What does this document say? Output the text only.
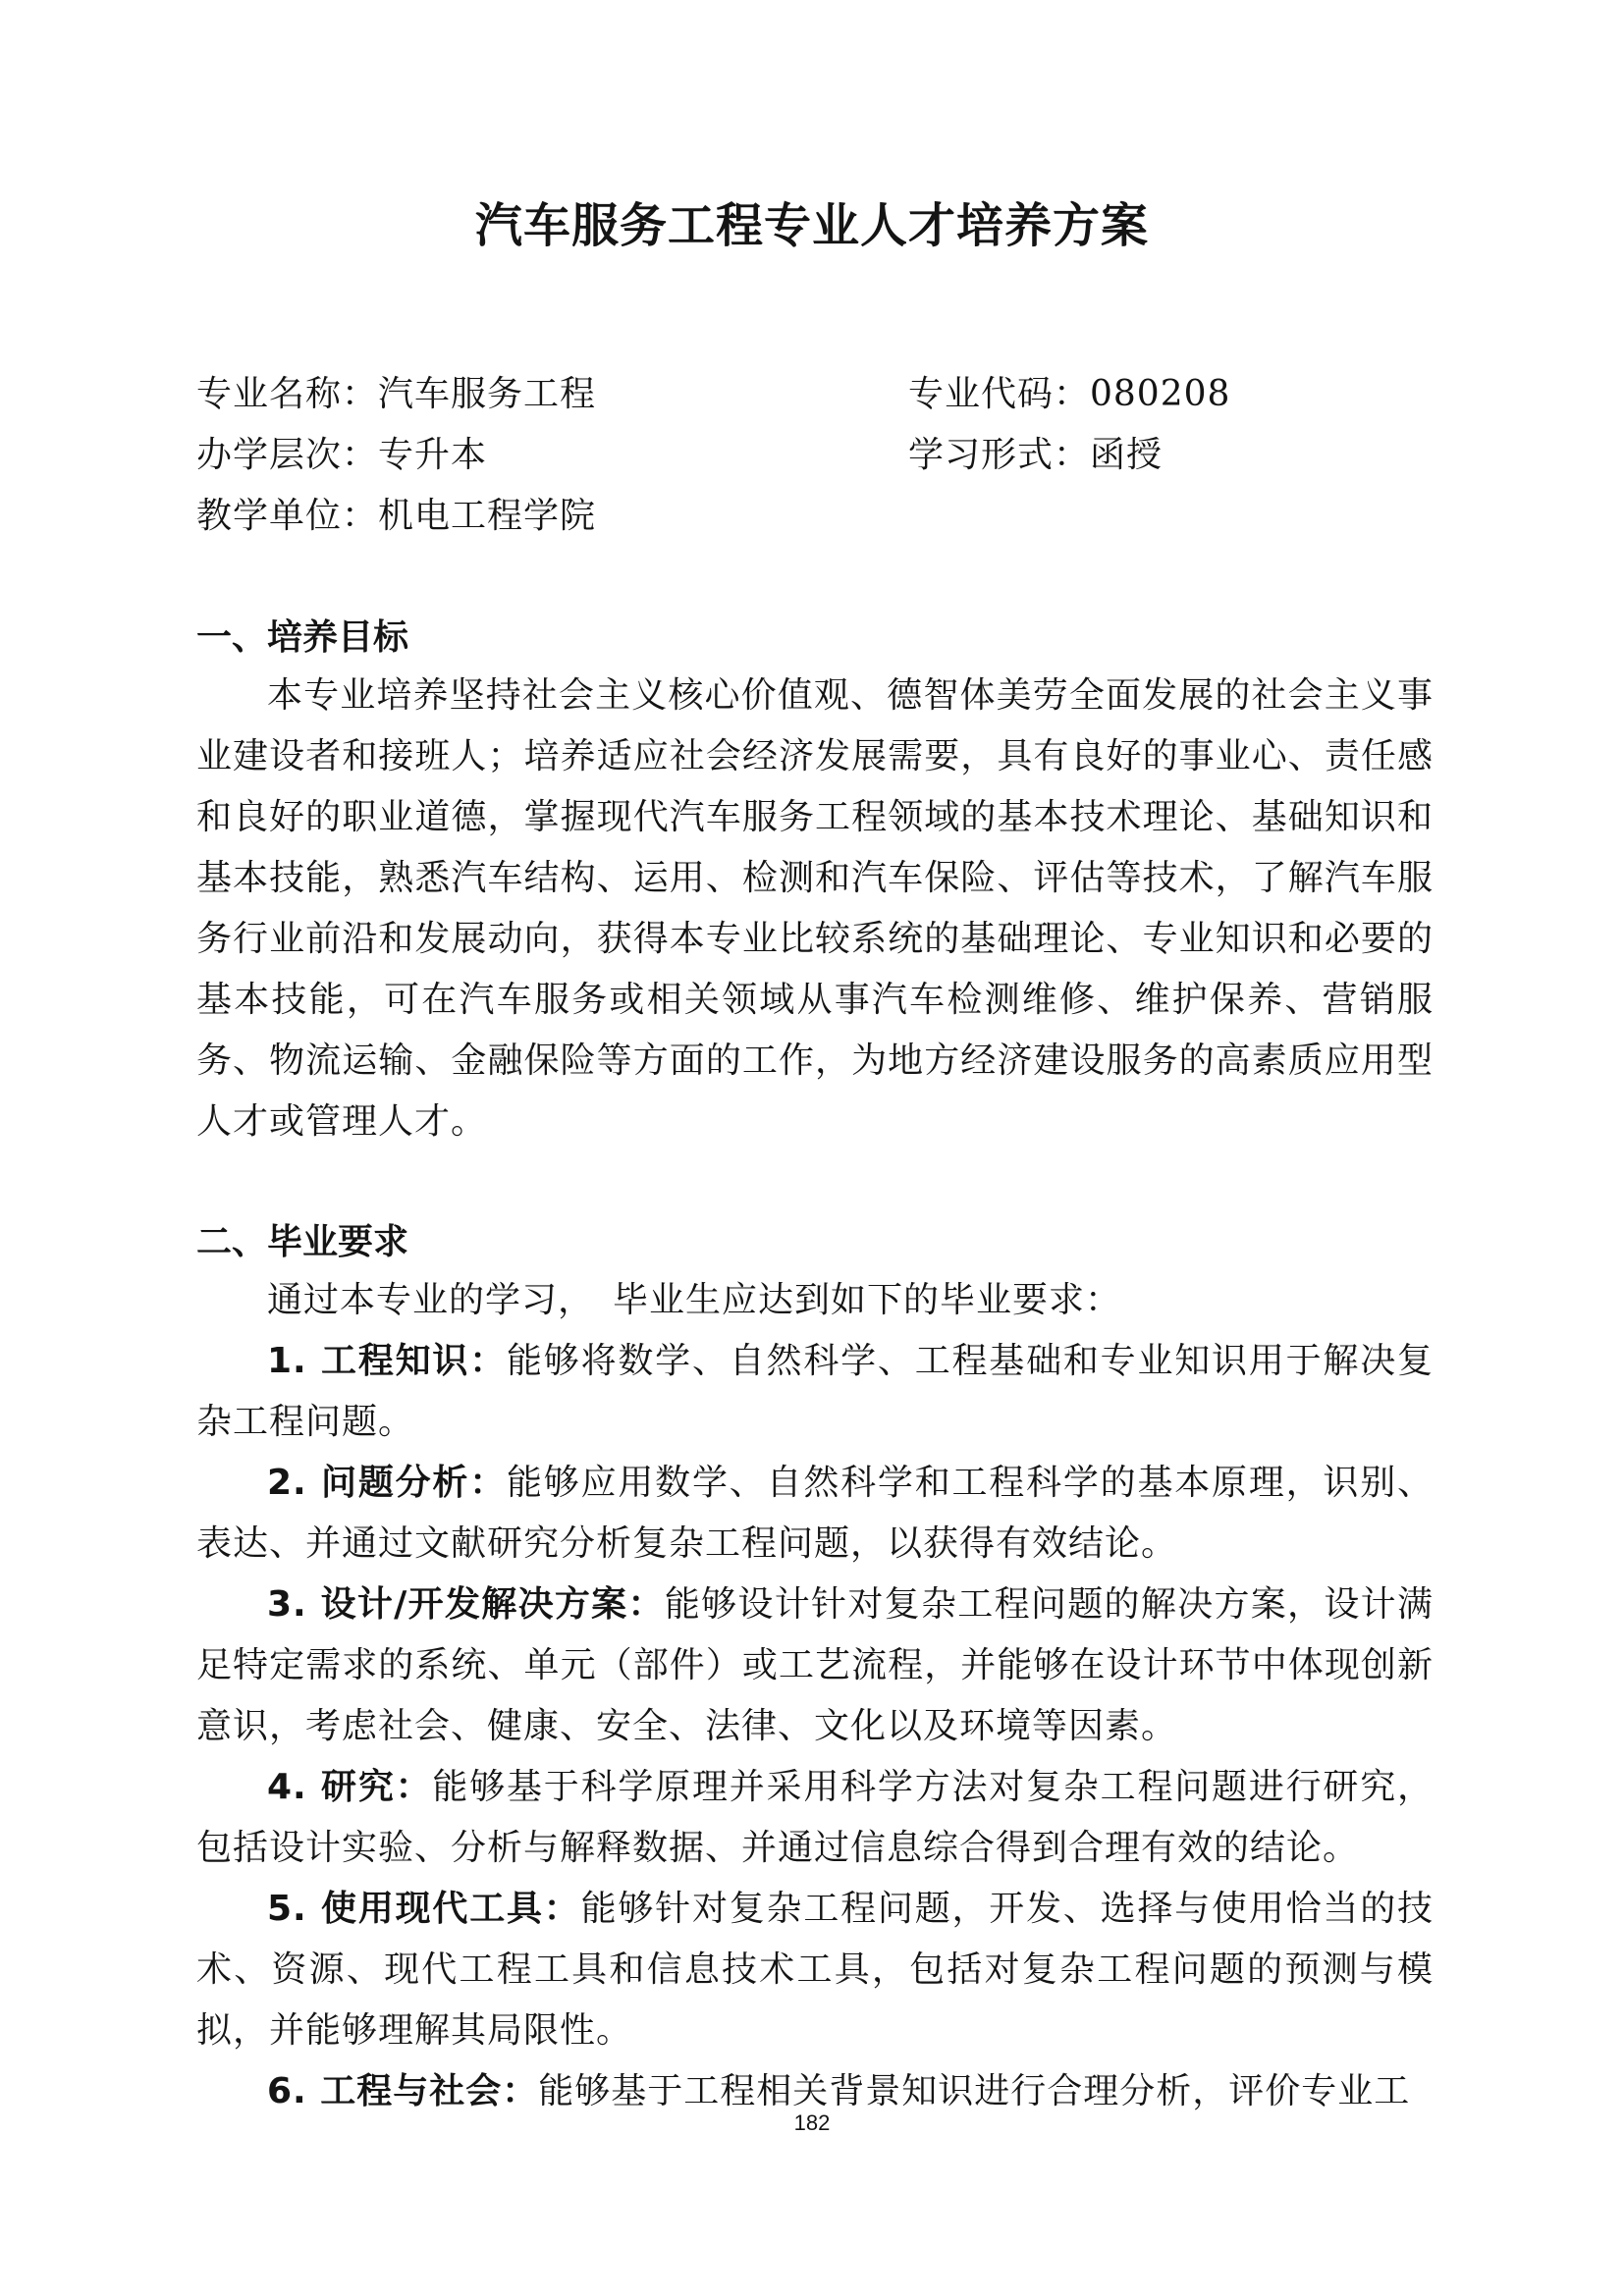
汽车服务工程专业人才培养方案
专业名称：汽车服务工程	专业代码：080208
办学层次：专升本	学习形式：函授
教学单位：机电工程学院
一、培养目标
本专业培养坚持社会主义核心价值观、德智体美劳全面发展的社会主义事业建设者和接班人；培养适应社会经济发展需要，具有良好的事业心、责任感和良好的职业道德，掌握现代汽车服务工程领域的基本技术理论、基础知识和基本技能，熟悉汽车结构、运用、检测和汽车保险、评估等技术，了解汽车服务行业前沿和发展动向，获得本专业比较系统的基础理论、专业知识和必要的基本技能，可在汽车服务或相关领域从事汽车检测维修、维护保养、营销服务、物流运输、金融保险等方面的工作，为地方经济建设服务的高素质应用型人才或管理人才。
二、毕业要求
通过本专业的学习，　毕业生应达到如下的毕业要求：
1. 工程知识：能够将数学、自然科学、工程基础和专业知识用于解决复杂工程问题。
2. 问题分析：能够应用数学、自然科学和工程科学的基本原理，识别、表达、并通过文献研究分析复杂工程问题，以获得有效结论。
3. 设计/开发解决方案：能够设计针对复杂工程问题的解决方案，设计满足特定需求的系统、单元（部件）或工艺流程，并能够在设计环节中体现创新意识，考虑社会、健康、安全、法律、文化以及环境等因素。
4. 研究：能够基于科学原理并采用科学方法对复杂工程问题进行研究，包括设计实验、分析与解释数据、并通过信息综合得到合理有效的结论。
5. 使用现代工具：能够针对复杂工程问题，开发、选择与使用恰当的技术、资源、现代工程工具和信息技术工具，包括对复杂工程问题的预测与模拟，并能够理解其局限性。
6. 工程与社会：能够基于工程相关背景知识进行合理分析，评价专业工
182
